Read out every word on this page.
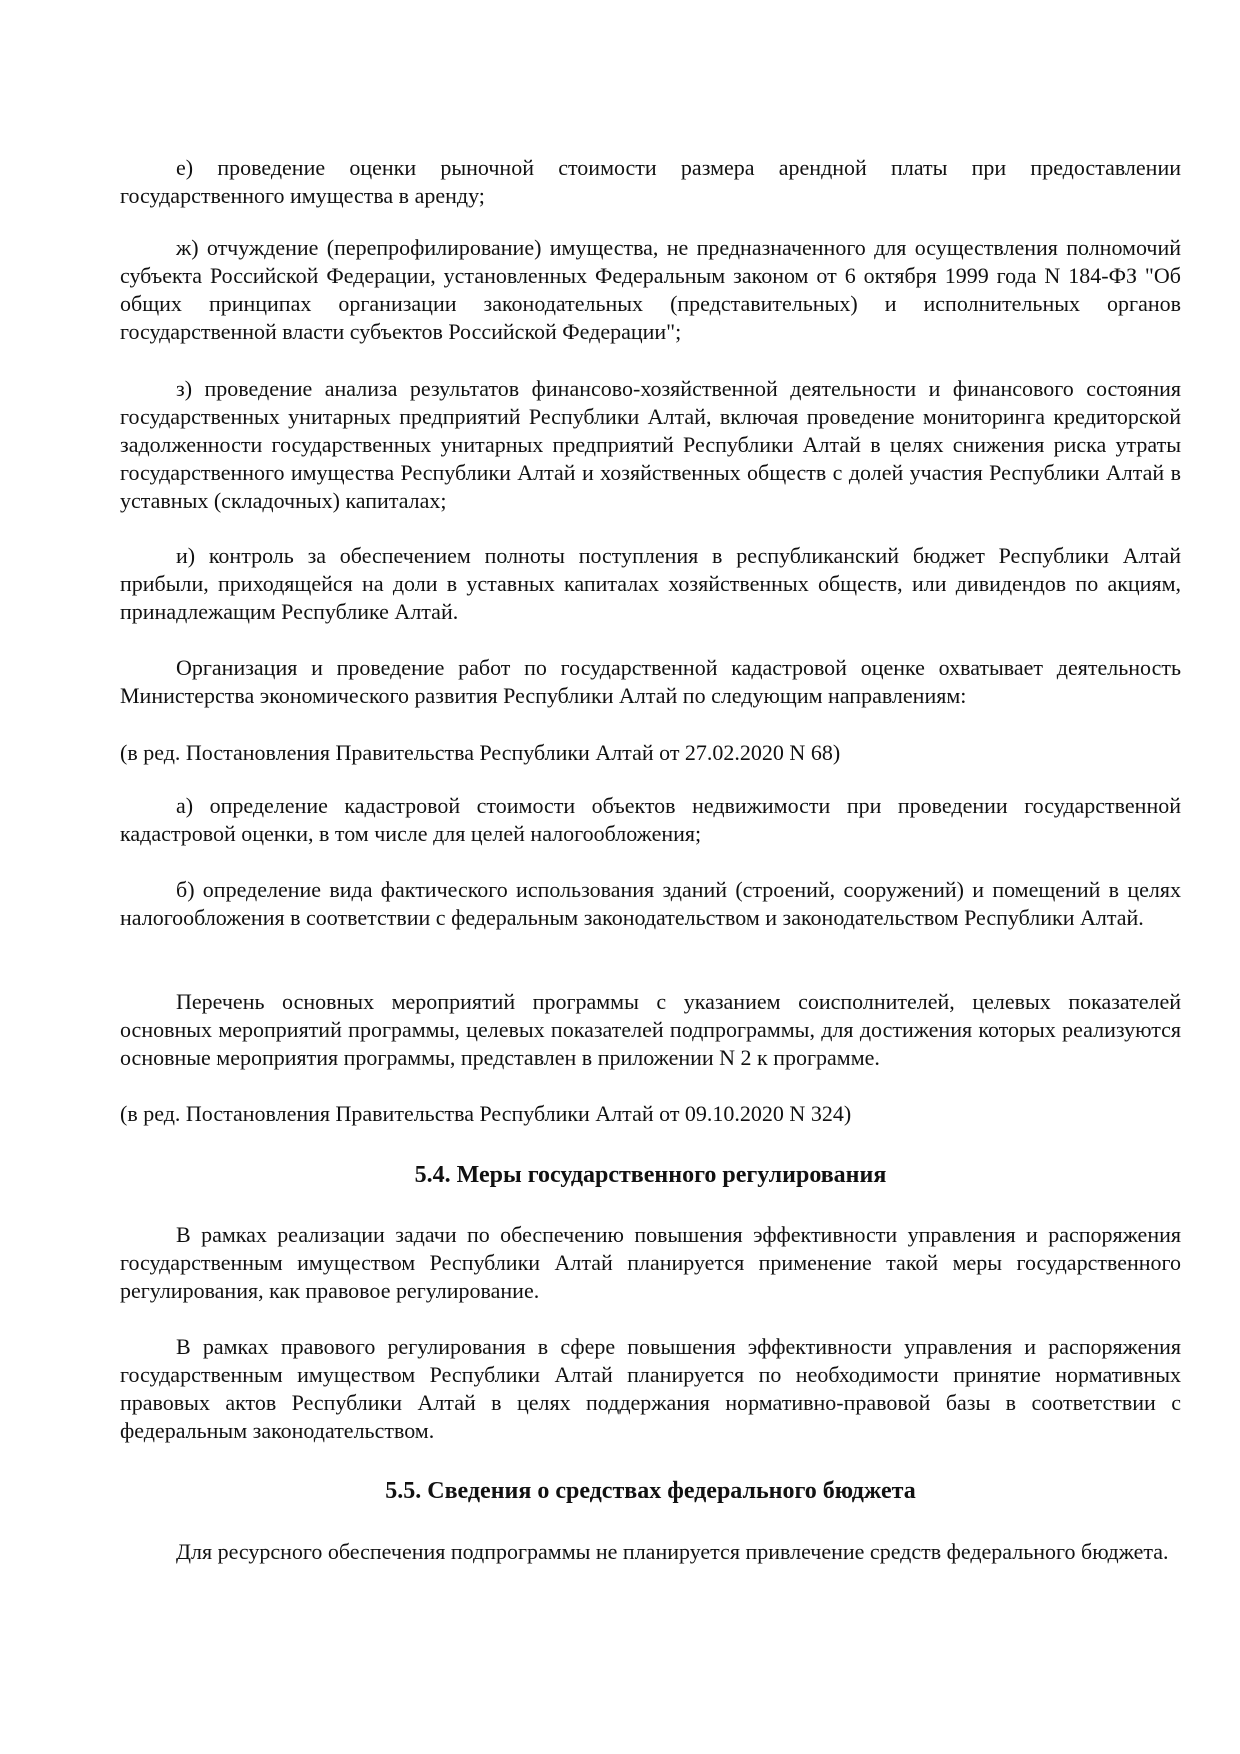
е) проведение оценки рыночной стоимости размера арендной платы при предоставлении государственного имущества в аренду;

ж) отчуждение (перепрофилирование) имущества, не предназначенного для осуществления полномочий субъекта Российской Федерации, установленных Федеральным законом от 6 октября 1999 года N 184-ФЗ "Об общих принципах организации законодательных (представительных) и исполнительных органов государственной власти субъектов Российской Федерации";

з) проведение анализа результатов финансово-хозяйственной деятельности и финансового состояния государственных унитарных предприятий Республики Алтай, включая проведение мониторинга кредиторской задолженности государственных унитарных предприятий Республики Алтай в целях снижения риска утраты государственного имущества Республики Алтай и хозяйственных обществ с долей участия Республики Алтай в уставных (складочных) капиталах;

и) контроль за обеспечением полноты поступления в республиканский бюджет Республики Алтай прибыли, приходящейся на доли в уставных капиталах хозяйственных обществ, или дивидендов по акциям, принадлежащим Республике Алтай.

Организация и проведение работ по государственной кадастровой оценке охватывает деятельность Министерства экономического развития Республики Алтай по следующим направлениям:

(в ред. Постановления Правительства Республики Алтай от 27.02.2020 N 68)

а) определение кадастровой стоимости объектов недвижимости при проведении государственной кадастровой оценки, в том числе для целей налогообложения;

б) определение вида фактического использования зданий (строений, сооружений) и помещений в целях налогообложения в соответствии с федеральным законодательством и законодательством Республики Алтай.

Перечень основных мероприятий программы с указанием соисполнителей, целевых показателей основных мероприятий программы, целевых показателей подпрограммы, для достижения которых реализуются основные мероприятия программы, представлен в приложении N 2 к программе.

(в ред. Постановления Правительства Республики Алтай от 09.10.2020 N 324)

5.4. Меры государственного регулирования

В рамках реализации задачи по обеспечению повышения эффективности управления и распоряжения государственным имуществом Республики Алтай планируется применение такой меры государственного регулирования, как правовое регулирование.

В рамках правового регулирования в сфере повышения эффективности управления и распоряжения государственным имуществом Республики Алтай планируется по необходимости принятие нормативных правовых актов Республики Алтай в целях поддержания нормативно-правовой базы в соответствии с федеральным законодательством.

5.5. Сведения о средствах федерального бюджета

Для ресурсного обеспечения подпрограммы не планируется привлечение средств федерального бюджета.
